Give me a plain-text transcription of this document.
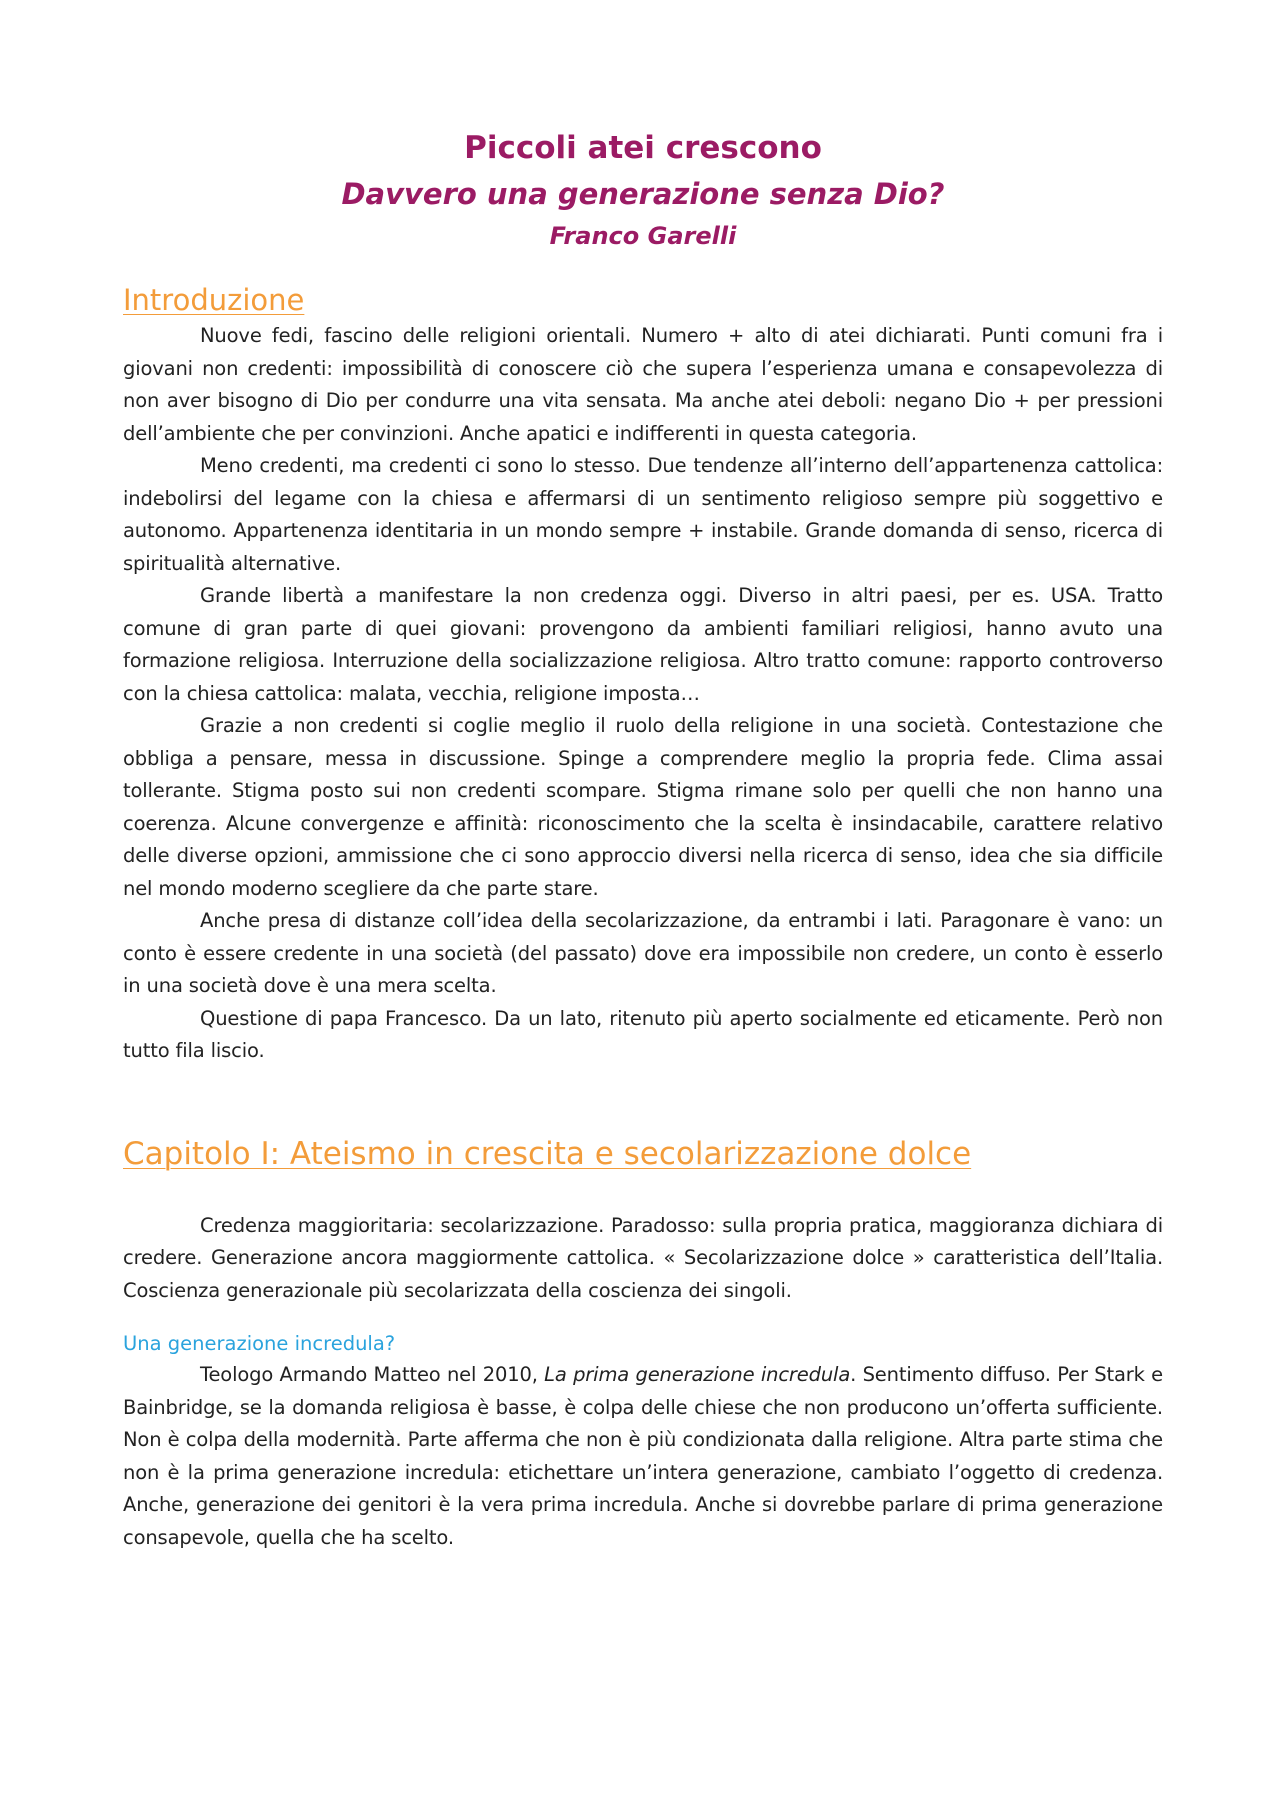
Piccoli atei crescono
Davvero una generazione senza Dio?
Franco Garelli
Introduzione

Nuove fedi, fascino delle religioni orientali. Numero + alto di atei dichiarati. Punti comuni fra i giovani non credenti: impossibilità di conoscere ciò che supera l’esperienza umana e consapevolezza di non aver bisogno di Dio per condurre una vita sensata. Ma anche atei deboli: negano Dio + per pressioni dell’ambiente che per convinzioni. Anche apatici e indifferenti in questa categoria.

Meno credenti, ma credenti ci sono lo stesso. Due tendenze all’interno dell’appartenenza cattolica: indebolirsi del legame con la chiesa e affermarsi di un sentimento religioso sempre più soggettivo e autonomo. Appartenenza identitaria in un mondo sempre + instabile. Grande domanda di senso, ricerca di spiritualità alternative.

Grande libertà a manifestare la non credenza oggi. Diverso in altri paesi, per es. USA. Tratto comune di gran parte di quei giovani: provengono da ambienti familiari religiosi, hanno avuto una formazione religiosa. Interruzione della socializzazione religiosa. Altro tratto comune: rapporto controverso con la chiesa cattolica: malata, vecchia, religione imposta…

Grazie a non credenti si coglie meglio il ruolo della religione in una società. Contestazione che obbliga a pensare, messa in discussione. Spinge a comprendere meglio la propria fede. Clima assai tollerante. Stigma posto sui non credenti scompare. Stigma rimane solo per quelli che non hanno una coerenza. Alcune convergenze e affinità: riconoscimento che la scelta è insindacabile, carattere relativo delle diverse opzioni, ammissione che ci sono approccio diversi nella ricerca di senso, idea che sia difficile nel mondo moderno scegliere da che parte stare.

Anche presa di distanze coll’idea della secolarizzazione, da entrambi i lati. Paragonare è vano: un conto è essere credente in una società (del passato) dove era impossibile non credere, un conto è esserlo in una società dove è una mera scelta.

Questione di papa Francesco. Da un lato, ritenuto più aperto socialmente ed eticamente. Però non tutto fila liscio.

Capitolo I: Ateismo in crescita e secolarizzazione dolce

Credenza maggioritaria: secolarizzazione. Paradosso: sulla propria pratica, maggioranza dichiara di credere. Generazione ancora maggiormente cattolica. « Secolarizzazione dolce » caratteristica dell’Italia. Coscienza generazionale più secolarizzata della coscienza dei singoli.

Una generazione incredula?

Teologo Armando Matteo nel 2010, La prima generazione incredula. Sentimento diffuso. Per Stark e Bainbridge, se la domanda religiosa è basse, è colpa delle chiese che non producono un’offerta sufficiente. Non è colpa della modernità. Parte afferma che non è più condizionata dalla religione. Altra parte stima che non è la prima generazione incredula: etichettare un’intera generazione, cambiato l’oggetto di credenza. Anche, generazione dei genitori è la vera prima incredula. Anche si dovrebbe parlare di prima generazione consapevole, quella che ha scelto.
